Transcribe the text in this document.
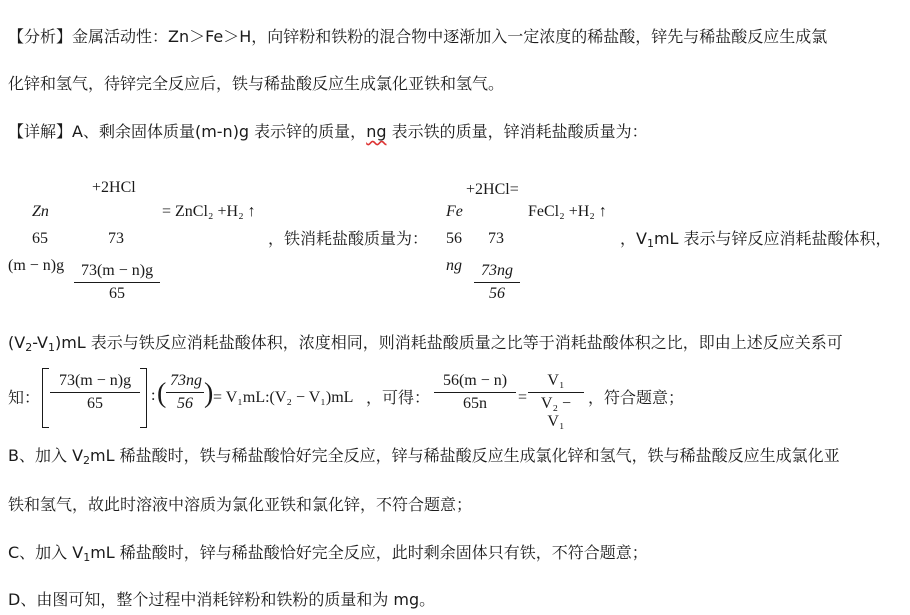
【分析】金属活动性：Zn＞Fe＞H，向锌粉和铁粉的混合物中逐渐加入一定浓度的稀盐酸，锌先与稀盐酸反应生成氯
化锌和氢气，待锌完全反应后，铁与稀盐酸反应生成氯化亚铁和氢气。
【详解】A、剩余固体质量(m-n)g 表示锌的质量，ng 表示铁的质量，锌消耗盐酸质量为：
+2HCl
Zn	= ZnCl₂ +H₂ ↑
65	73
(m − n)g	73(m − n)g
65
，铁消耗盐酸质量为：
+2HCl=
Fe	FeCl₂ +H₂ ↑
56 73
ng	73ng
56
，$V_1mL$ 表示与锌反应消耗盐酸体积，
$(V_2-V_1)mL$ 表示与铁反应消耗盐酸体积，浓度相同，则消耗盐酸质量之比等于消耗盐酸体积之比，即由上述反应关系可
知：
73(m − n)g
65	: ( 73ng
56 ) = V₁mL:(V₂ − V₁)mL ，可得：
56(m − n)
65n	=
V₁
V₂ − V₁
，符合题意；
B、加入 $V_2mL$ 稀盐酸时，铁与稀盐酸恰好完全反应，锌与稀盐酸反应生成氯化锌和氢气，铁与稀盐酸反应生成氯化亚
铁和氢气，故此时溶液中溶质为氯化亚铁和氯化锌，不符合题意；
C、加入 $V_1mL$ 稀盐酸时，锌与稀盐酸恰好完全反应，此时剩余固体只有铁，不符合题意；
D、由图可知，整个过程中消耗锌粉和铁粉的质量和为 mg。
